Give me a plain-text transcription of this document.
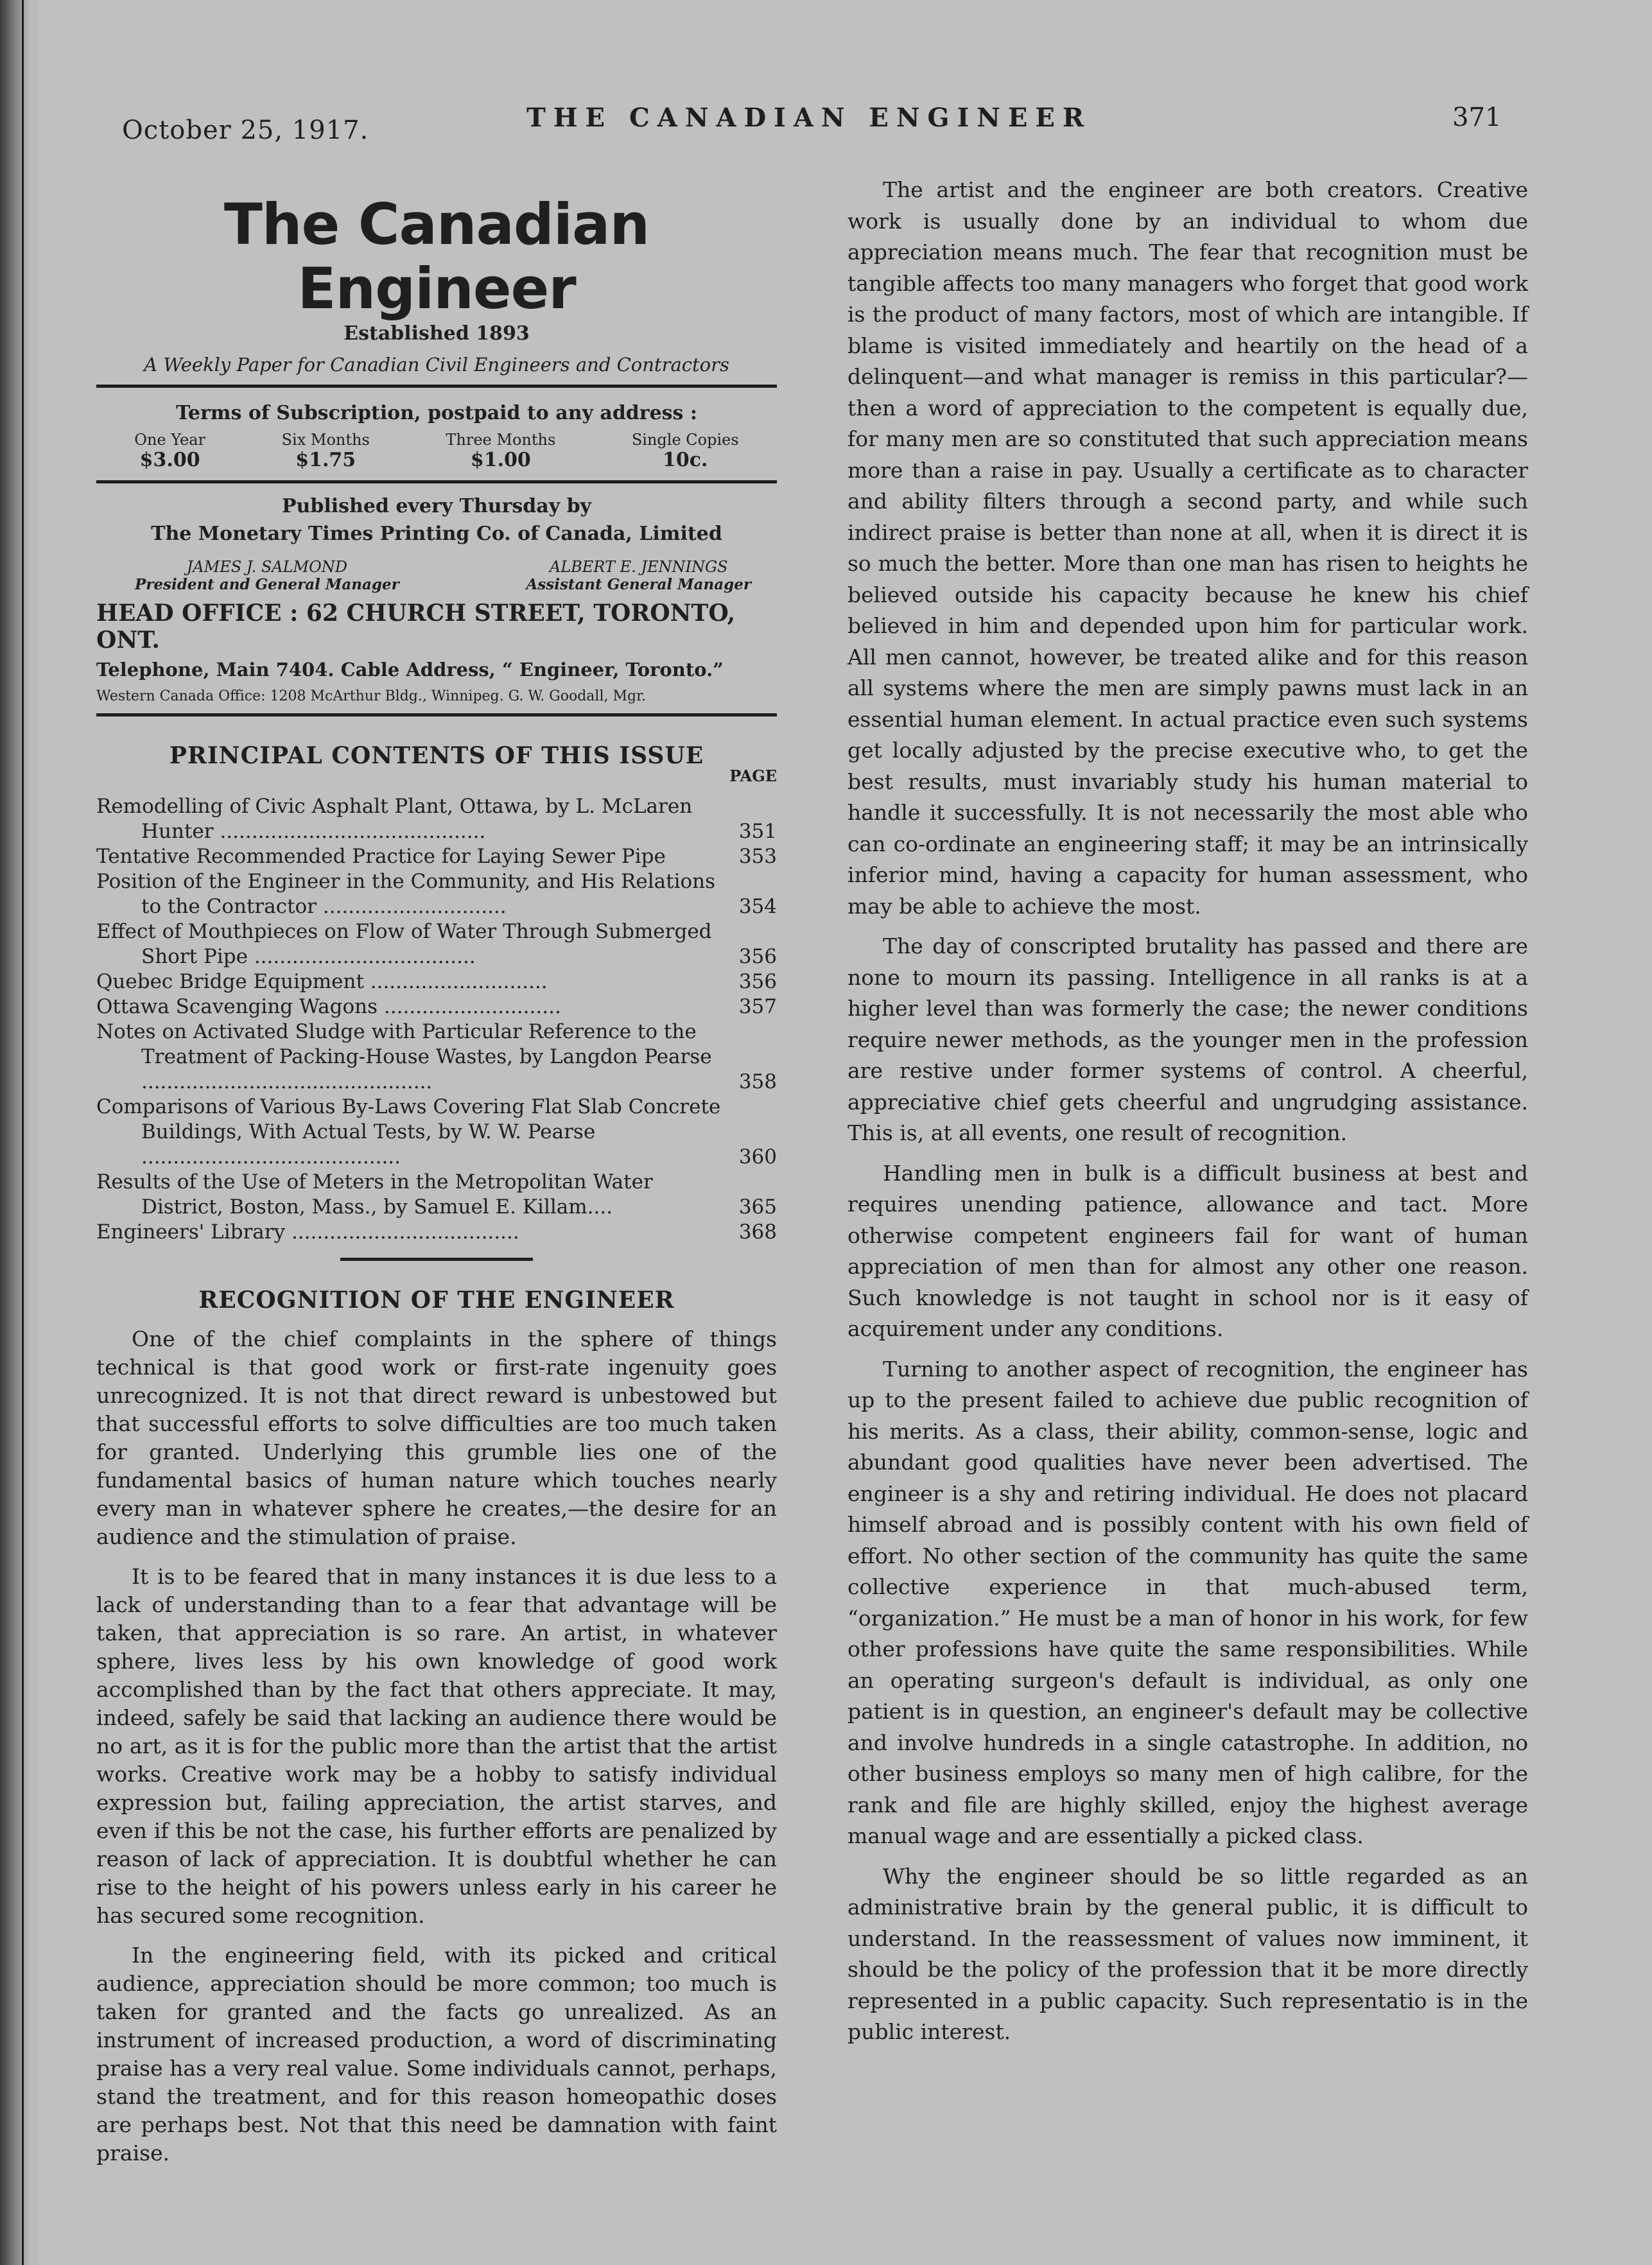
October 25, 1917.	THE CANADIAN ENGINEER	371
The Canadian Engineer
Established 1893
A Weekly Paper for Canadian Civil Engineers and Contractors
Terms of Subscription, postpaid to any address :
One Year
$3.00
Six Months
$1.75
Three Months
$1.00
Single Copies
10c.
Published every Thursday by
The Monetary Times Printing Co. of Canada, Limited
JAMES J. SALMOND
President and General Manager
ALBERT E. JENNINGS
Assistant General Manager
HEAD OFFICE : 62 CHURCH STREET, TORONTO, ONT.
Telephone, Main 7404. Cable Address, “ Engineer, Toronto.”
Western Canada Office: 1208 McArthur Bldg., Winnipeg. G. W. Goodall, Mgr.
PRINCIPAL CONTENTS OF THIS ISSUE
PAGE
Remodelling of Civic Asphalt Plant, Ottawa, by L. McLaren Hunter ..........................................	351
Tentative Recommended Practice for Laying Sewer Pipe	353
Position of the Engineer in the Community, and His Relations to the Contractor .............................	354
Effect of Mouthpieces on Flow of Water Through Submerged Short Pipe ...................................	356
Quebec Bridge Equipment ............................	356
Ottawa Scavenging Wagons ............................	357
Notes on Activated Sludge with Particular Reference to the Treatment of Packing-House Wastes, by Langdon Pearse ..............................................	358
Comparisons of Various By-Laws Covering Flat Slab Concrete Buildings, With Actual Tests, by W. W. Pearse .........................................	360
Results of the Use of Meters in the Metropolitan Water District, Boston, Mass., by Samuel E. Killam....	365
Engineers' Library ....................................	368
RECOGNITION OF THE ENGINEER

One of the chief complaints in the sphere of things technical is that good work or first-rate ingenuity goes unrecognized. It is not that direct reward is unbestowed but that successful efforts to solve difficulties are too much taken for granted. Underlying this grumble lies one of the fundamental basics of human nature which touches nearly every man in whatever sphere he creates,—the desire for an audience and the stimulation of praise.

It is to be feared that in many instances it is due less to a lack of understanding than to a fear that advantage will be taken, that appreciation is so rare. An artist, in whatever sphere, lives less by his own knowledge of good work accomplished than by the fact that others appreciate. It may, indeed, safely be said that lacking an audience there would be no art, as it is for the public more than the artist that the artist works. Creative work may be a hobby to satisfy individual expression but, failing appreciation, the artist starves, and even if this be not the case, his further efforts are penalized by reason of lack of appreciation. It is doubtful whether he can rise to the height of his powers unless early in his career he has secured some recognition.

In the engineering field, with its picked and critical audience, appreciation should be more common; too much is taken for granted and the facts go unrealized. As an instrument of increased production, a word of discriminating praise has a very real value. Some individuals cannot, perhaps, stand the treatment, and for this reason homeopathic doses are perhaps best. Not that this need be damnation with faint praise.

The artist and the engineer are both creators. Creative work is usually done by an individual to whom due appreciation means much. The fear that recognition must be tangible affects too many managers who forget that good work is the product of many factors, most of which are intangible. If blame is visited immediately and heartily on the head of a delinquent—and what manager is remiss in this particular?—then a word of appreciation to the competent is equally due, for many men are so constituted that such appreciation means more than a raise in pay. Usually a certificate as to character and ability filters through a second party, and while such indirect praise is better than none at all, when it is direct it is so much the better. More than one man has risen to heights he believed outside his capacity because he knew his chief believed in him and depended upon him for particular work. All men cannot, however, be treated alike and for this reason all systems where the men are simply pawns must lack in an essential human element. In actual practice even such systems get locally adjusted by the precise executive who, to get the best results, must invariably study his human material to handle it successfully. It is not necessarily the most able who can co-ordinate an engineering staff; it may be an intrinsically inferior mind, having a capacity for human assessment, who may be able to achieve the most.

The day of conscripted brutality has passed and there are none to mourn its passing. Intelligence in all ranks is at a higher level than was formerly the case; the newer conditions require newer methods, as the younger men in the profession are restive under former systems of control. A cheerful, appreciative chief gets cheerful and ungrudging assistance. This is, at all events, one result of recognition.

Handling men in bulk is a difficult business at best and requires unending patience, allowance and tact. More otherwise competent engineers fail for want of human appreciation of men than for almost any other one reason. Such knowledge is not taught in school nor is it easy of acquirement under any conditions.

Turning to another aspect of recognition, the engineer has up to the present failed to achieve due public recognition of his merits. As a class, their ability, common-sense, logic and abundant good qualities have never been advertised. The engineer is a shy and retiring individual. He does not placard himself abroad and is possibly content with his own field of effort. No other section of the community has quite the same collective experience in that much-abused term, “organization.” He must be a man of honor in his work, for few other professions have quite the same responsibilities. While an operating surgeon's default is individual, as only one patient is in question, an engineer's default may be collective and involve hundreds in a single catastrophe. In addition, no other business employs so many men of high calibre, for the rank and file are highly skilled, enjoy the highest average manual wage and are essentially a picked class.

Why the engineer should be so little regarded as an administrative brain by the general public, it is difficult to understand. In the reassessment of values now imminent, it should be the policy of the profession that it be more directly represented in a public capacity. Such representatio is in the public interest.
